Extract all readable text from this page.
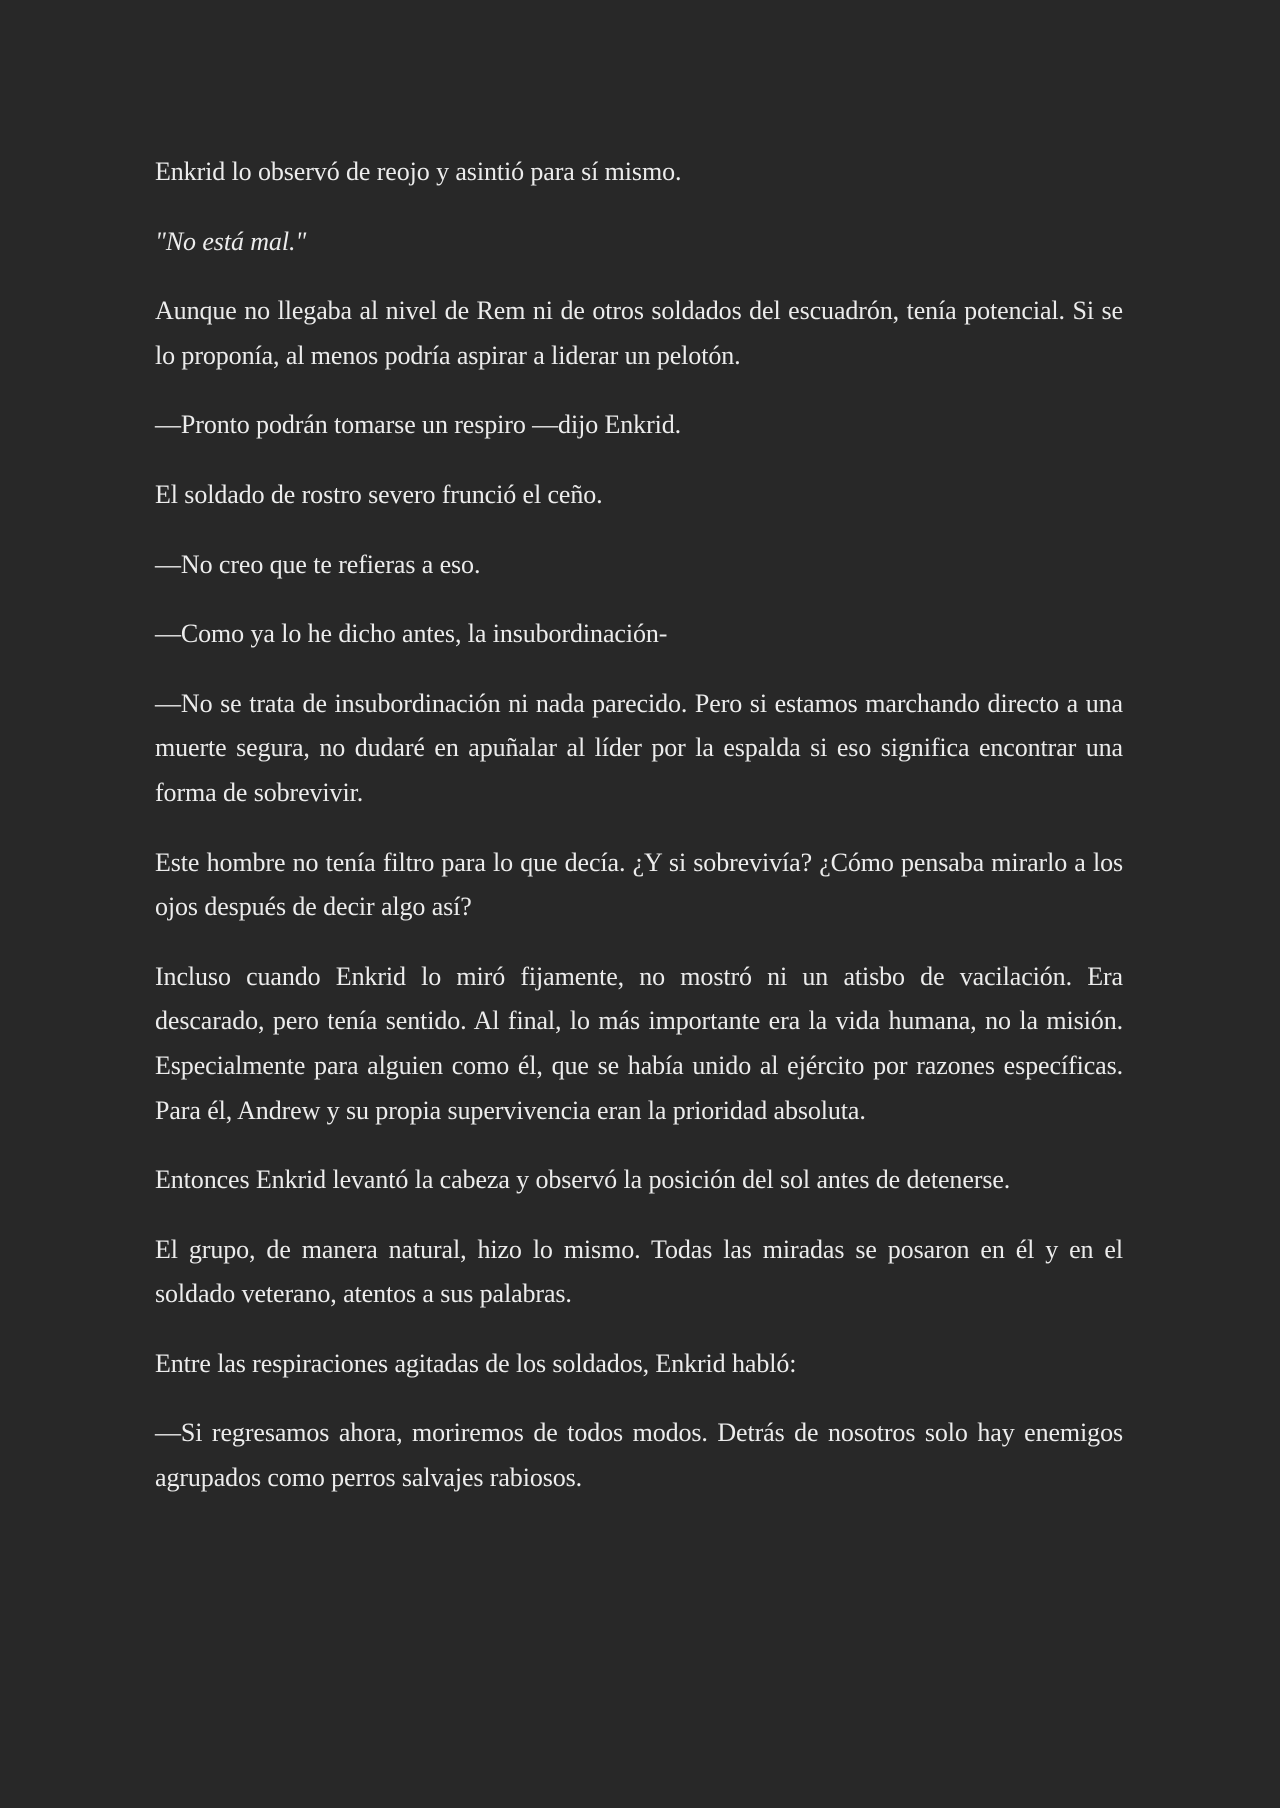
Enkrid lo observó de reojo y asintió para sí mismo.

"No está mal."

Aunque no llegaba al nivel de Rem ni de otros soldados del escuadrón, tenía potencial. Si se lo proponía, al menos podría aspirar a liderar un pelotón.

—Pronto podrán tomarse un respiro —dijo Enkrid.

El soldado de rostro severo frunció el ceño.

—No creo que te refieras a eso.

—Como ya lo he dicho antes, la insubordinación-

—No se trata de insubordinación ni nada parecido. Pero si estamos marchando directo a una muerte segura, no dudaré en apuñalar al líder por la espalda si eso significa encontrar una forma de sobrevivir.

Este hombre no tenía filtro para lo que decía. ¿Y si sobrevivía? ¿Cómo pensaba mirarlo a los ojos después de decir algo así?

Incluso cuando Enkrid lo miró fijamente, no mostró ni un atisbo de vacilación. Era descarado, pero tenía sentido. Al final, lo más importante era la vida humana, no la misión. Especialmente para alguien como él, que se había unido al ejército por razones específicas. Para él, Andrew y su propia supervivencia eran la prioridad absoluta.

Entonces Enkrid levantó la cabeza y observó la posición del sol antes de detenerse.

El grupo, de manera natural, hizo lo mismo. Todas las miradas se posaron en él y en el soldado veterano, atentos a sus palabras.

Entre las respiraciones agitadas de los soldados, Enkrid habló:

—Si regresamos ahora, moriremos de todos modos. Detrás de nosotros solo hay enemigos agrupados como perros salvajes rabiosos.
